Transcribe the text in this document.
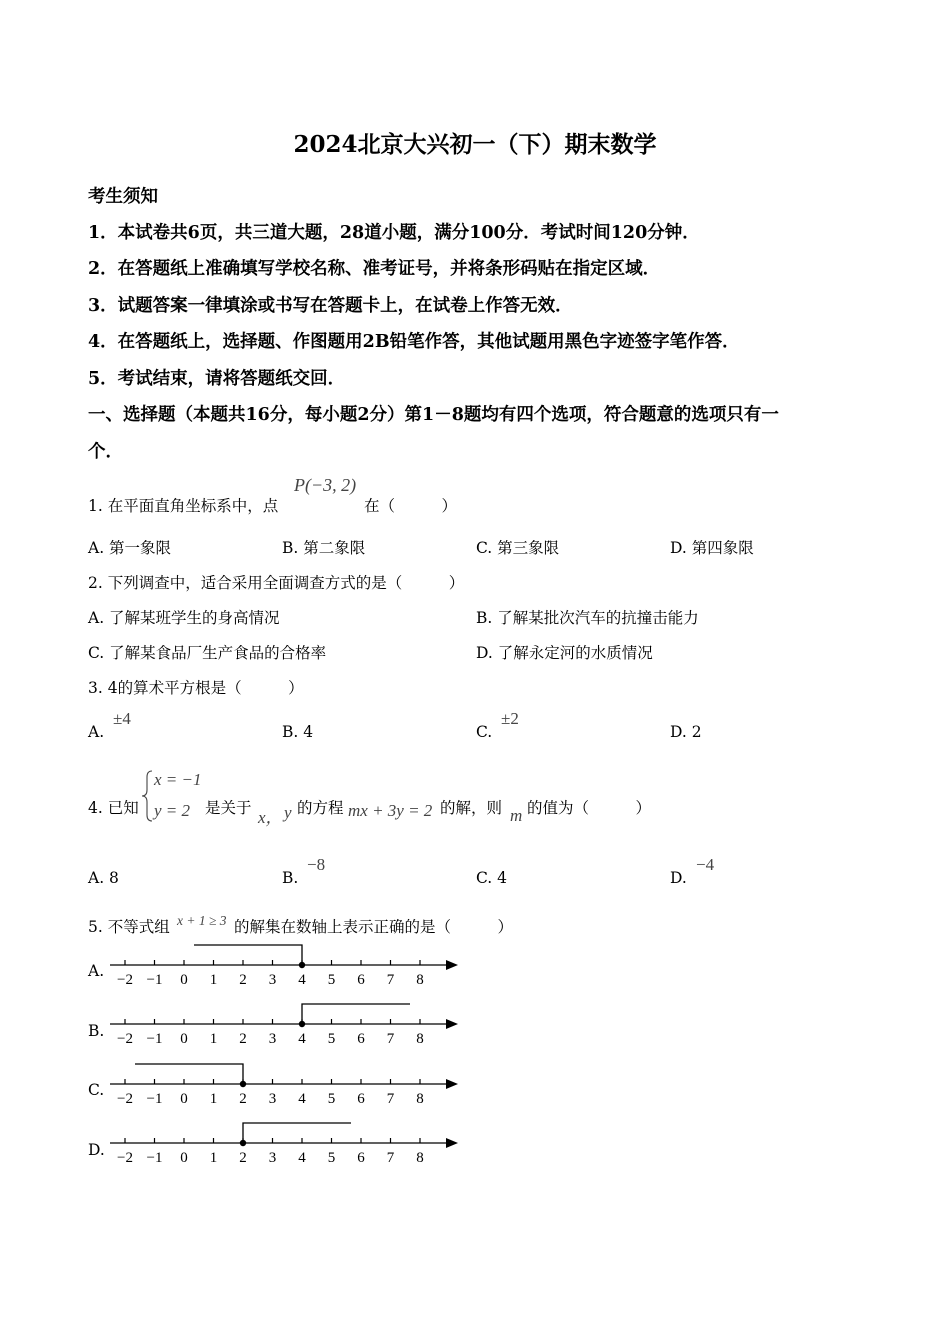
2024北京大兴初一（下）期末数学
考生须知
1．本试卷共6页，共三道大题，28道小题，满分100分．考试时间120分钟．
2．在答题纸上准确填写学校名称、准考证号，并将条形码贴在指定区域．
3．试题答案一律填涂或书写在答题卡上，在试卷上作答无效．
4．在答题纸上，选择题、作图题用2B铅笔作答，其他试题用黑色字迹签字笔作答．
5．考试结束，请将答题纸交回．
一、选择题（本题共16分，每小题2分）第1－8题均有四个选项，符合题意的选项只有一
个．
1. 在平面直角坐标系中，点
P(−3, 2)
在（　　　）
A. 第一象限	B. 第二象限	C. 第三象限	D. 第四象限
2. 下列调查中，适合采用全面调查方式的是（　　　）
A. 了解某班学生的身高情况	B. 了解某批次汽车的抗撞击能力
C. 了解某食品厂生产食品的合格率	D. 了解永定河的水质情况
3. 4的算术平方根是（　　　）
A.
±4
B. 4	C.
±2
D. 2
4. 已知
x = −1
y = 2 是关于 x， y 的方程 mx + 3y = 2 的解，则 m 的值为（　　　）
A. 8	B.
−8
C. 4	D.
−4
5. 不等式组 x + 1 ≥ 3 的解集在数轴上表示正确的是（　　　）
A. −2 −1 0 1 2 3 4 5 6 7 8
B. −2 −1 0 1 2 3 4 5 6 7 8
C. −2 −1 0 1 2 3 4 5 6 7 8
D. −2 −1 0 1 2 3 4 5 6 7 8
